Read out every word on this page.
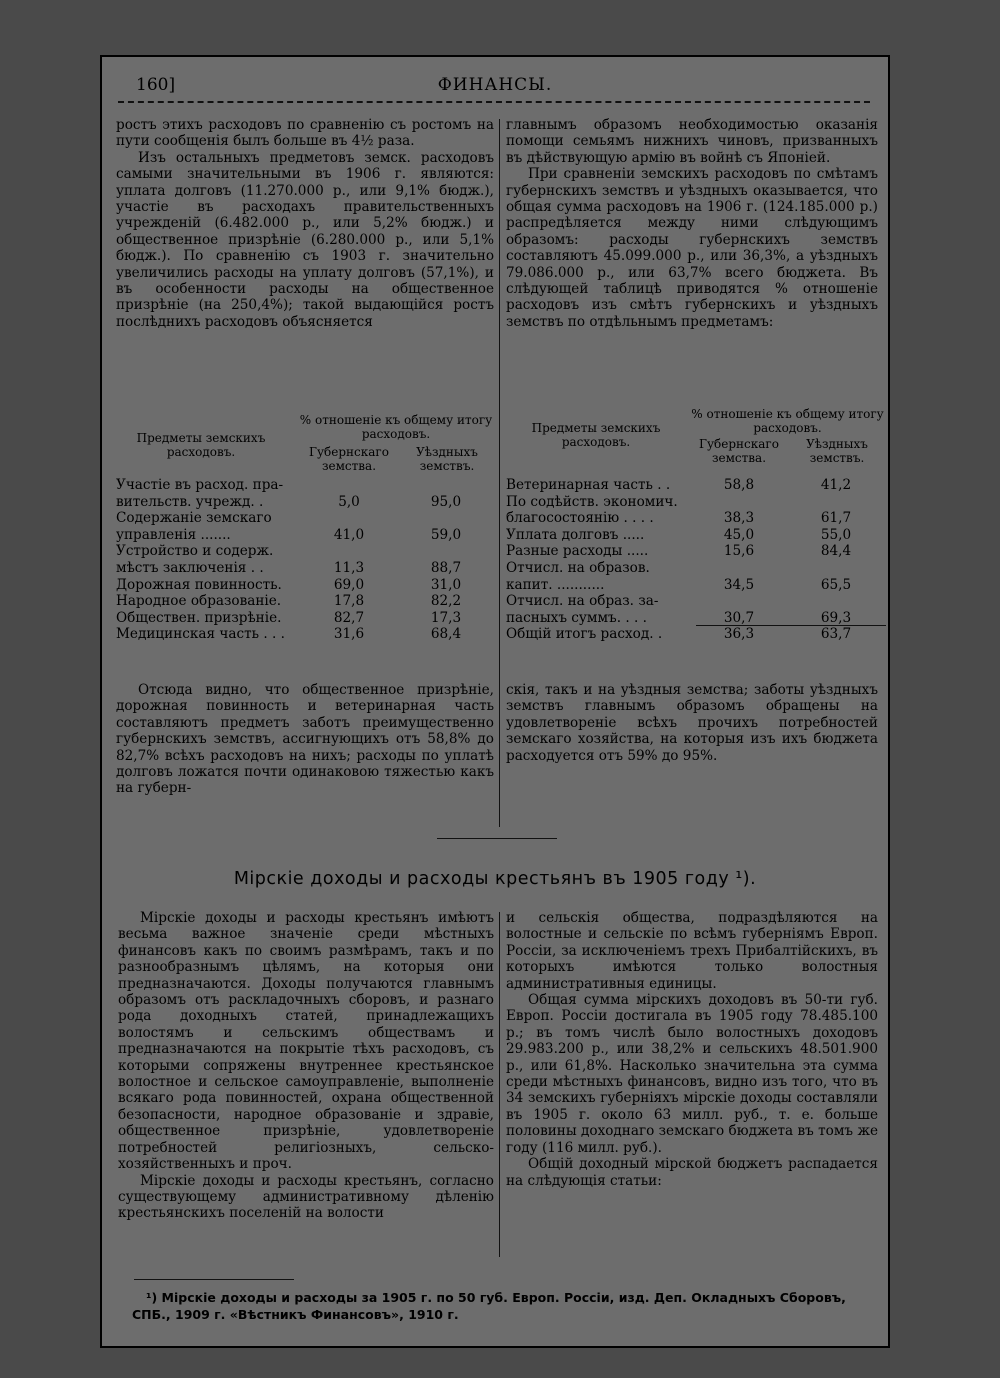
160]	ФИНАНСЫ.

ростъ этихъ расходовъ по сравненію съ ростомъ на пути сообщенія былъ больше въ 4½ раза.

Изъ остальныхъ предметовъ земск. расходовъ самыми значительными въ 1906 г. являются: уплата долговъ (11.270.000 р., или 9,1% бюдж.), участіе въ расходахъ правительственныхъ учрежденій (6.482.000 р., или 5,2% бюдж.) и общественное призрѣніе (6.280.000 р., или 5,1% бюдж.). По сравненію съ 1903 г. значительно увеличились расходы на уплату долговъ (57,1%), и въ особенности расходы на общественное призрѣніе (на 250,4%); такой выдающійся ростъ послѣднихъ расходовъ объясняется

главнымъ образомъ необходимостью оказанія помощи семьямъ нижнихъ чиновъ, призванныхъ въ дѣйствующую армію въ войнѣ съ Японіей.

При сравненіи земскихъ расходовъ по смѣтамъ губернскихъ земствъ и уѣздныхъ оказывается, что общая сумма расходовъ на 1906 г. (124.185.000 р.) распредѣляется между ними слѣдующимъ образомъ: расходы губернскихъ земствъ составляютъ 45.099.000 р., или 36,3%, а уѣздныхъ 79.086.000 р., или 63,7% всего бюджета. Въ слѣдующей таблицѣ приводятся % отношеніе расходовъ изъ смѣтъ губернскихъ и уѣздныхъ земствъ по отдѣльнымъ предметамъ:

Предметы земскихъ расходовъ.
% отношеніе къ общему итогу расходовъ.
Губернскаго земства.
Уѣздныхъ земствъ.
Участіе въ расход. пра-
вительств. учрежд. .	5,0	95,0
Содержаніе земскаго
управленія .......	41,0	59,0
Устройство и содерж.
мѣстъ заключенія . .	11,3	88,7
Дорожная повинность.	69,0	31,0
Народное образованіе.	17,8	82,2
Обществен. призрѣніе.	82,7	17,3
Медицинская часть . . .	31,6	68,4
Предметы земскихъ расходовъ.
% отношеніе къ общему итогу расходовъ.
Губернскаго земства.
Уѣздныхъ земствъ.
Ветеринарная часть . .	58,8	41,2
По содѣйств. экономич.
благосостоянію . . . .	38,3	61,7
Уплата долговъ .....	45,0	55,0
Разные расходы .....	15,6	84,4
Отчисл. на образов.
капит. ...........	34,5	65,5
Отчисл. на образ. за-
пасныхъ суммъ. . . .	30,7	69,3
Общій итогъ расход. .	36,3	63,7

Отсюда видно, что общественное призрѣніе, дорожная повинность и ветеринарная часть составляютъ предметъ заботъ преимущественно губернскихъ земствъ, ассигнующихъ отъ 58,8% до 82,7% всѣхъ расходовъ на нихъ; расходы по уплатѣ долговъ ложатся почти одинаковою тяжестью какъ на губерн-

скія, такъ и на уѣздныя земства; заботы уѣздныхъ земствъ главнымъ образомъ обращены на удовлетвореніе всѣхъ прочихъ потребностей земскаго хозяйства, на которыя изъ ихъ бюджета расходуется отъ 59% до 95%.

Мірскіе доходы и расходы крестьянъ въ 1905 году ¹).

Мірскіе доходы и расходы крестьянъ имѣютъ весьма важное значеніе среди мѣстныхъ финансовъ какъ по своимъ размѣрамъ, такъ и по разнообразнымъ цѣлямъ, на которыя они предназначаются. Доходы получаются главнымъ образомъ отъ раскладочныхъ сборовъ, и разнаго рода доходныхъ статей, принадлежащихъ волостямъ и сельскимъ обществамъ и предназначаются на покрытіе тѣхъ расходовъ, съ которыми сопряжены внутреннее крестьянское волостное и сельское самоуправленіе, выполненіе всякаго рода повинностей, охрана общественной безопасности, народное образованіе и здравіе, общественное призрѣніе, удовлетвореніе потребностей религіозныхъ, сельско-хозяйственныхъ и проч.

Мірскіе доходы и расходы крестьянъ, согласно существующему административному дѣленію крестьянскихъ поселеній на волости

и сельскія общества, подраздѣляются на волостные и сельскіе по всѣмъ губерніямъ Европ. Россіи, за исключеніемъ трехъ Прибалтійскихъ, въ которыхъ имѣются только волостныя административныя единицы.

Общая сумма мірскихъ доходовъ въ 50-ти губ. Европ. Россіи достигала въ 1905 году 78.485.100 р.; въ томъ числѣ было волостныхъ доходовъ 29.983.200 р., или 38,2% и сельскихъ 48.501.900 р., или 61,8%. Насколько значительна эта сумма среди мѣстныхъ финансовъ, видно изъ того, что въ 34 земскихъ губерніяхъ мірскіе доходы составляли въ 1905 г. около 63 милл. руб., т. е. больше половины доходнаго земскаго бюджета въ томъ же году (116 милл. руб.).

Общій доходный мірской бюджетъ распадается на слѣдующія статьи:

¹) Мірскіе доходы и расходы за 1905 г. по 50 губ. Европ. Россіи, изд. Деп. Окладныхъ Сборовъ, СПБ., 1909 г. «Вѣстникъ Финансовъ», 1910 г.
